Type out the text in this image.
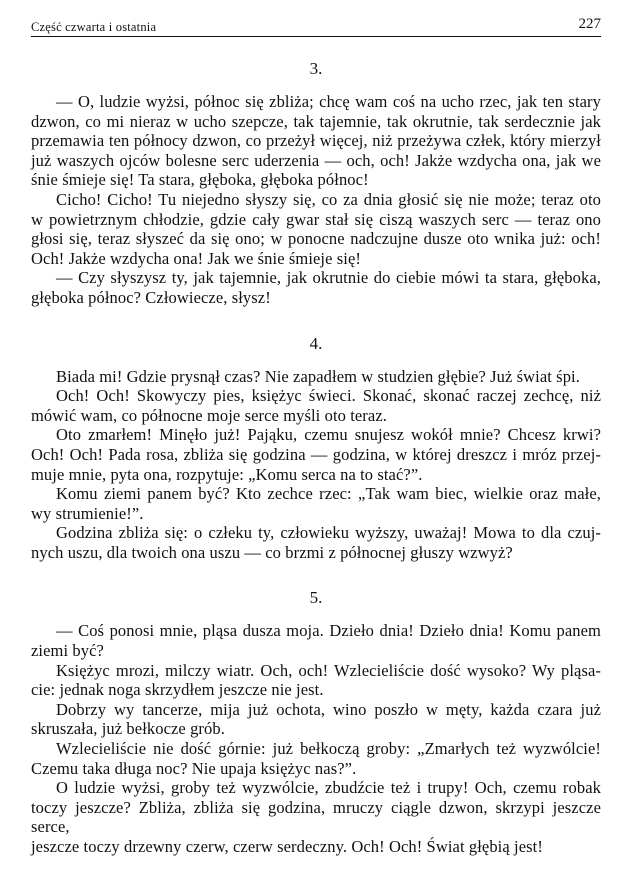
Część czwarta i ostatnia	227
3.
— O, ludzie wyżsi, północ się zbliża; chcę wam coś na ucho rzec, jak ten stary
dzwon, co mi nieraz w ucho szepcze, tak tajemnie, tak okrutnie, tak serdecznie jak
przemawia ten północy dzwon, co przeżył więcej, niż przeżywa człek, który mierzył
już waszych ojców bolesne serc uderzenia — och, och! Jakże wzdycha ona, jak we
śnie śmieje się! Ta stara, głęboka, głęboka północ!
Cicho! Cicho! Tu niejedno słyszy się, co za dnia głosić się nie może; teraz oto
w powietrznym chłodzie, gdzie cały gwar stał się ciszą waszych serc — teraz ono
głosi się, teraz słyszeć da się ono; w ponocne nadczujne dusze oto wnika już: och!
Och! Jakże wzdycha ona! Jak we śnie śmieje się!
— Czy słyszysz ty, jak tajemnie, jak okrutnie do ciebie mówi ta stara, głęboka,
głęboka północ? Człowiecze, słysz!
4.
Biada mi! Gdzie prysnął czas? Nie zapadłem w studzien głębie? Już świat śpi.
Och! Och! Skowyczy pies, księżyc świeci. Skonać, skonać raczej zechcę, niż
mówić wam, co północne moje serce myśli oto teraz.
Oto zmarłem! Minęło już! Pająku, czemu snujesz wokół mnie? Chcesz krwi?
Och! Och! Pada rosa, zbliża się godzina — godzina, w której dreszcz i mróz przej-
muje mnie, pyta ona, rozpytuje: „Komu serca na to stać?”.
Komu ziemi panem być? Kto zechce rzec: „Tak wam biec, wielkie oraz małe,
wy strumienie!”.
Godzina zbliża się: o człeku ty, człowieku wyższy, uważaj! Mowa to dla czuj-
nych uszu, dla twoich ona uszu — co brzmi z północnej głuszy wzwyż?
5.
— Coś ponosi mnie, pląsa dusza moja. Dzieło dnia! Dzieło dnia! Komu panem
ziemi być?
Księżyc mrozi, milczy wiatr. Och, och! Wzlecieliście dość wysoko? Wy pląsa-
cie: jednak noga skrzydłem jeszcze nie jest.
Dobrzy wy tancerze, mija już ochota, wino poszło w męty, każda czara już
skruszała, już bełkocze grób.
Wzlecieliście nie dość górnie: już bełkoczą groby: „Zmarłych też wyzwólcie!
Czemu taka długa noc? Nie upaja księżyc nas?”.
O ludzie wyżsi, groby też wyzwólcie, zbudźcie też i trupy! Och, czemu robak
toczy jeszcze? Zbliża, zbliża się godzina, mruczy ciągle dzwon, skrzypi jeszcze serce,
jeszcze toczy drzewny czerw, czerw serdeczny. Och! Och! Świat głębią jest!
